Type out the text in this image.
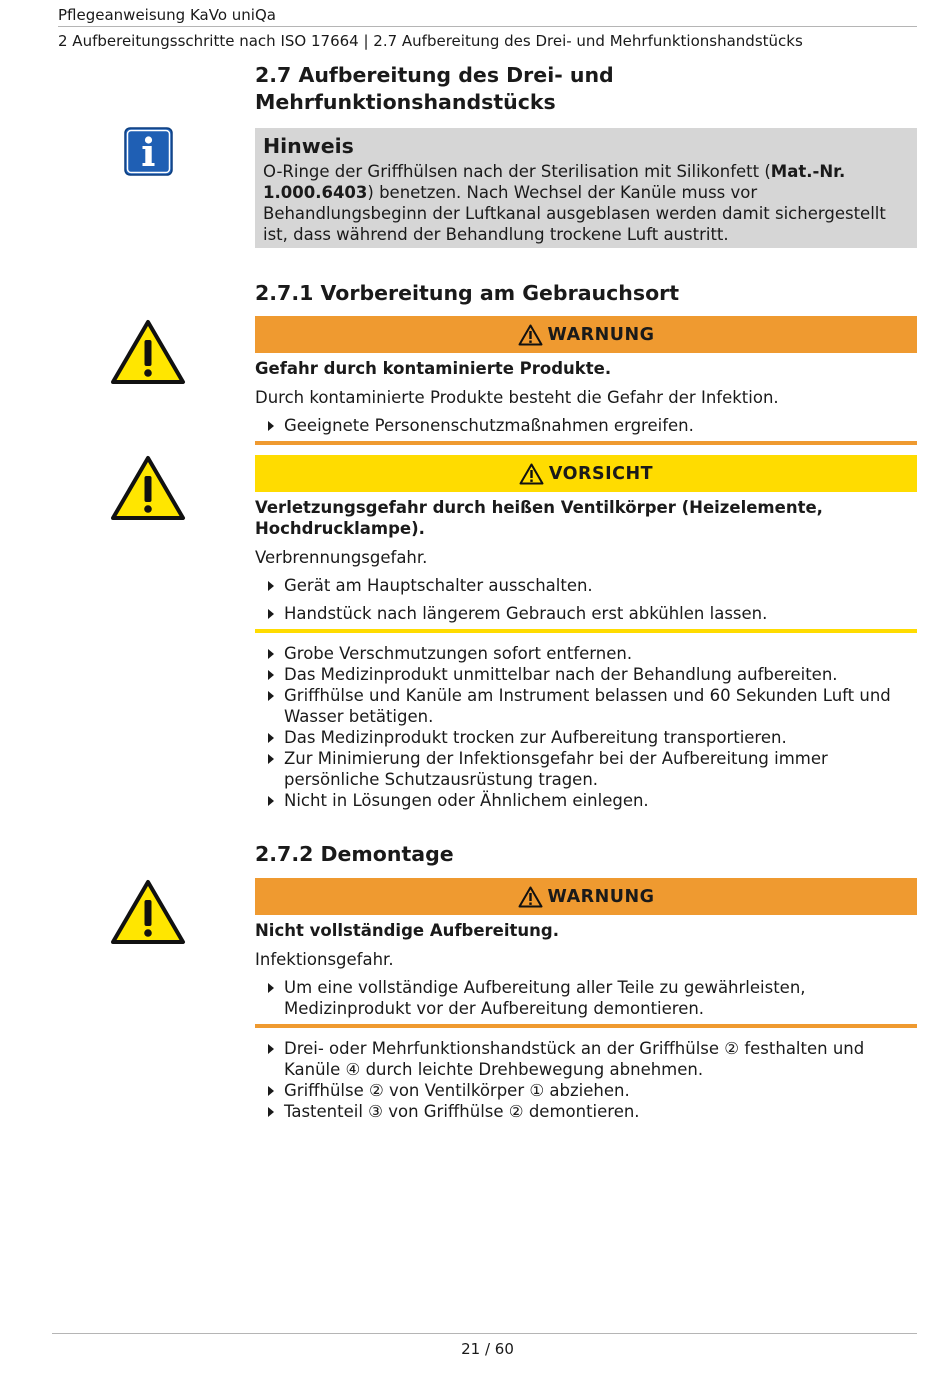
Pflegeanweisung KaVo uniQa
2 Aufbereitungsschritte nach ISO 17664 | 2.7 Aufbereitung des Drei- und Mehrfunktionshandstücks
2.7 Aufbereitung des Drei- und
Mehrfunktionshandstücks
Hinweis
O-Ringe der Griffhülsen nach der Sterilisation mit Silikonfett (Mat.-Nr. 1.000.6403) benetzen. Nach Wechsel der Kanüle muss vor Behandlungsbeginn der Luftkanal ausgeblasen werden damit sichergestellt ist, dass während der Behandlung trockene Luft austritt.
2.7.1 Vorbereitung am Gebrauchsort
WARNUNG
Gefahr durch kontaminierte Produkte.
Durch kontaminierte Produkte besteht die Gefahr der Infektion.
Geeignete Personenschutzmaßnahmen ergreifen.
VORSICHT
Verletzungsgefahr durch heißen Ventilkörper (Heizelemente, Hochdrucklampe).
Verbrennungsgefahr.
Gerät am Hauptschalter ausschalten.
Handstück nach längerem Gebrauch erst abkühlen lassen.
Grobe Verschmutzungen sofort entfernen.
Das Medizinprodukt unmittelbar nach der Behandlung aufbereiten.
Griffhülse und Kanüle am Instrument belassen und 60 Sekunden Luft und Wasser betätigen.
Das Medizinprodukt trocken zur Aufbereitung transportieren.
Zur Minimierung der Infektionsgefahr bei der Aufbereitung immer persönliche Schutzausrüstung tragen.
Nicht in Lösungen oder Ähnlichem einlegen.
2.7.2 Demontage
WARNUNG
Nicht vollständige Aufbereitung.
Infektionsgefahr.
Um eine vollständige Aufbereitung aller Teile zu gewährleisten, Medizinprodukt vor der Aufbereitung demontieren.
Drei- oder Mehrfunktionshandstück an der Griffhülse ② festhalten und Kanüle ④ durch leichte Drehbewegung abnehmen.
Griffhülse ② von Ventilkörper ① abziehen.
Tastenteil ③ von Griffhülse ② demontieren.
21 / 60
